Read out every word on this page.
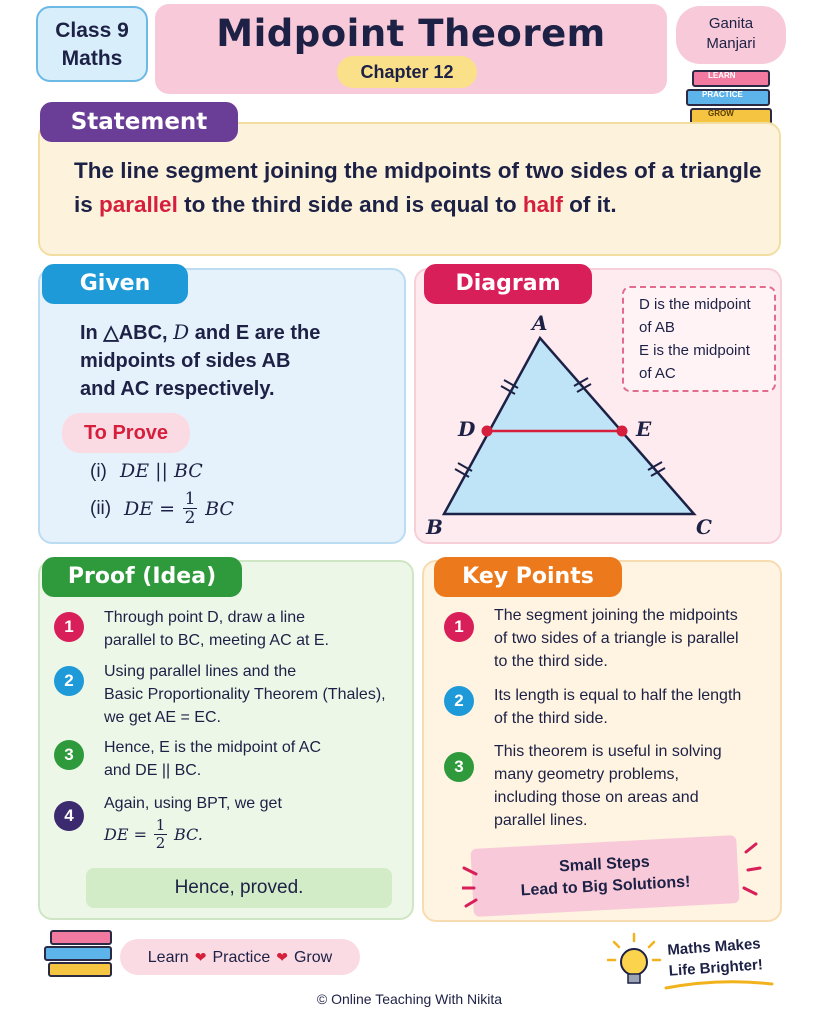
Class 9
Maths
Midpoint Theorem
Chapter 12
Ganita
Manjari
LEARN
PRACTICE
GROW
Statement
The line segment joining the midpoints of two sides of a triangle is parallel to the third side and is equal to half of it.
Given
In △ABC, D and E are the
midpoints of sides AB
and AC respectively.
To Prove
(i) DE || BC
(ii) DE = 1
2 BC
Diagram
D is the midpoint
of AB
E is the midpoint
of AC
A
B	C
D	E
Proof (Idea)
1	Through point D, draw a line
parallel to BC, meeting AC at E.
2	Using parallel lines and the
Basic Proportionality Theorem (Thales),
we get AE = EC.
3	Hence, E is the midpoint of AC
and DE || BC.
4
Again, using BPT, we get
DE = 1
2 BC.
Hence, proved.
Key Points
1
The segment joining the midpoints
of two sides of a triangle is parallel
to the third side.
2	Its length is equal to half the length
of the third side.
3
This theorem is useful in solving
many geometry problems,
including those on areas and
parallel lines.
Small Steps
Lead to Big Solutions!
Learn ❤ Practice ❤ Grow	Maths Makes
Life Brighter!
© Online Teaching With Nikita
